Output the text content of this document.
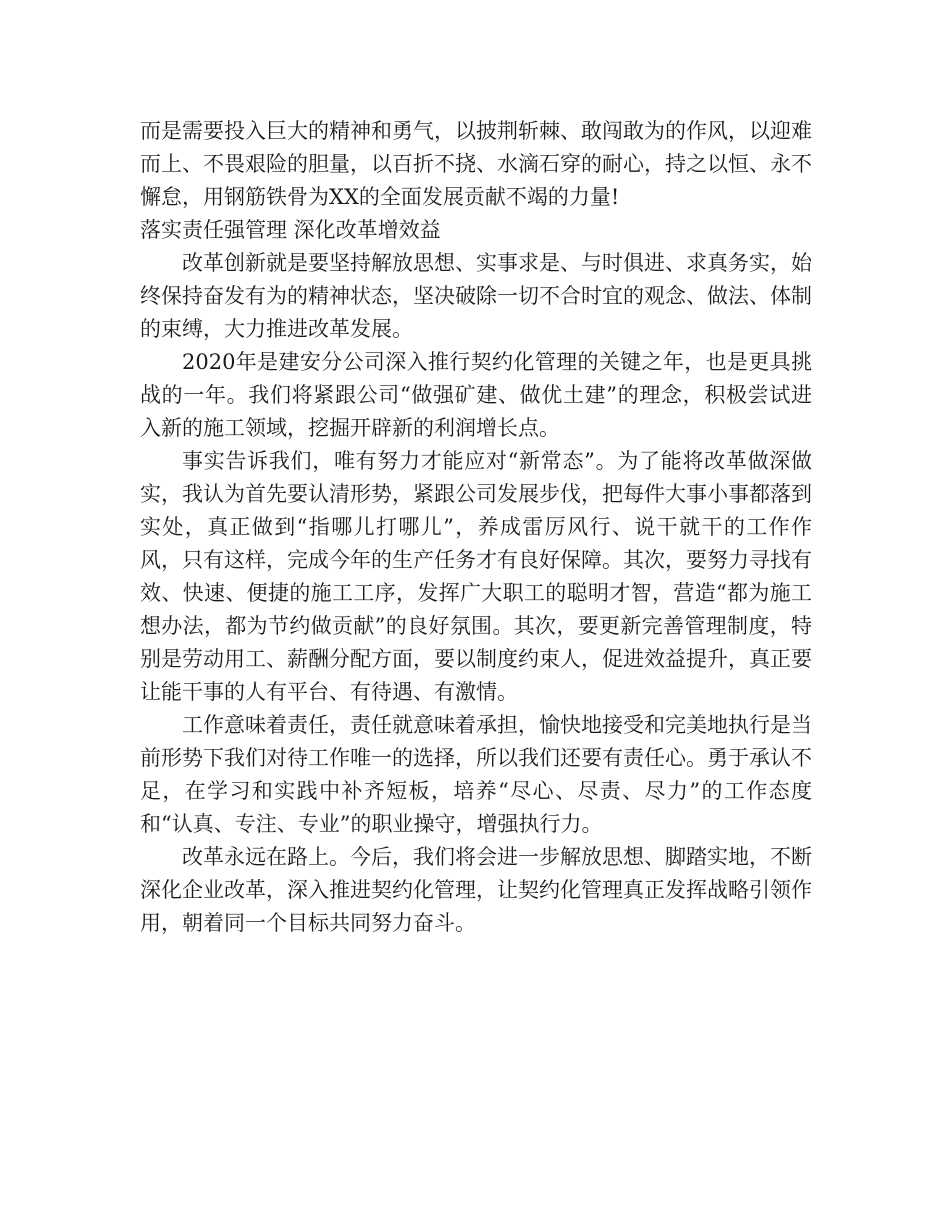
而是需要投入巨大的精神和勇气，以披荆斩棘、敢闯敢为的作风，以迎难而上、不畏艰险的胆量，以百折不挠、水滴石穿的耐心，持之以恒、永不懈怠，用钢筋铁骨为XX的全面发展贡献不竭的力量!

落实责任强管理 深化改革增效益

改革创新就是要坚持解放思想、实事求是、与时俱进、求真务实，始终保持奋发有为的精神状态，坚决破除一切不合时宜的观念、做法、体制的束缚，大力推进改革发展。

2020年是建安分公司深入推行契约化管理的关键之年，也是更具挑战的一年。我们将紧跟公司“做强矿建、做优土建”的理念，积极尝试进入新的施工领域，挖掘开辟新的利润增长点。

事实告诉我们，唯有努力才能应对“新常态”。为了能将改革做深做实，我认为首先要认清形势，紧跟公司发展步伐，把每件大事小事都落到实处，真正做到“指哪儿打哪儿”，养成雷厉风行、说干就干的工作作风，只有这样，完成今年的生产任务才有良好保障。其次，要努力寻找有效、快速、便捷的施工工序，发挥广大职工的聪明才智，营造“都为施工想办法，都为节约做贡献”的良好氛围。其次，要更新完善管理制度，特别是劳动用工、薪酬分配方面，要以制度约束人，促进效益提升，真正要让能干事的人有平台、有待遇、有激情。

工作意味着责任，责任就意味着承担，愉快地接受和完美地执行是当前形势下我们对待工作唯一的选择，所以我们还要有责任心。勇于承认不足，在学习和实践中补齐短板，培养“尽心、尽责、尽力”的工作态度和“认真、专注、专业”的职业操守，增强执行力。

改革永远在路上。今后，我们将会进一步解放思想、脚踏实地，不断深化企业改革，深入推进契约化管理，让契约化管理真正发挥战略引领作用，朝着同一个目标共同努力奋斗。
